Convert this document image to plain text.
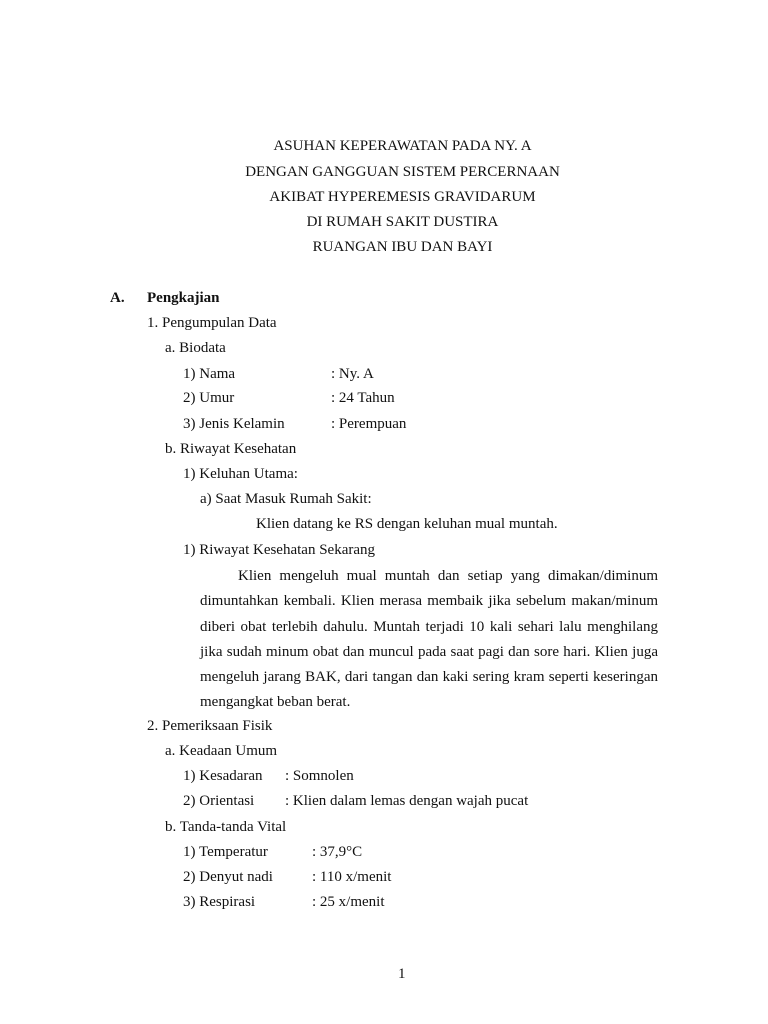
ASUHAN KEPERAWATAN PADA NY. A
DENGAN GANGGUAN SISTEM PERCERNAAN
AKIBAT HYPEREMESIS GRAVIDARUM
DI RUMAH SAKIT DUSTIRA
RUANGAN IBU DAN BAYI
A. Pengkajian
1. Pengumpulan Data
a. Biodata
1) Nama	: Ny. A
2) Umur	: 24 Tahun
3) Jenis Kelamin	: Perempuan
b. Riwayat Kesehatan
1) Keluhan Utama:
a) Saat Masuk Rumah Sakit:
Klien datang ke RS dengan keluhan mual muntah.
1) Riwayat Kesehatan Sekarang
Klien mengeluh mual muntah dan setiap yang dimakan/diminum dimuntahkan kembali. Klien merasa membaik jika sebelum makan/minum diberi obat terlebih dahulu. Muntah terjadi 10 kali sehari lalu menghilang jika sudah minum obat dan muncul pada saat pagi dan sore hari. Klien juga mengeluh jarang BAK, dari tangan dan kaki sering kram seperti keseringan mengangkat beban berat.
2. Pemeriksaan Fisik
a. Keadaan Umum
1) Kesadaran : Somnolen
2) Orientasi : Klien dalam lemas dengan wajah pucat
b. Tanda-tanda Vital
1) Temperatur	: 37,9°C
2) Denyut nadi	: 110 x/menit
3) Respirasi	: 25 x/menit
1
